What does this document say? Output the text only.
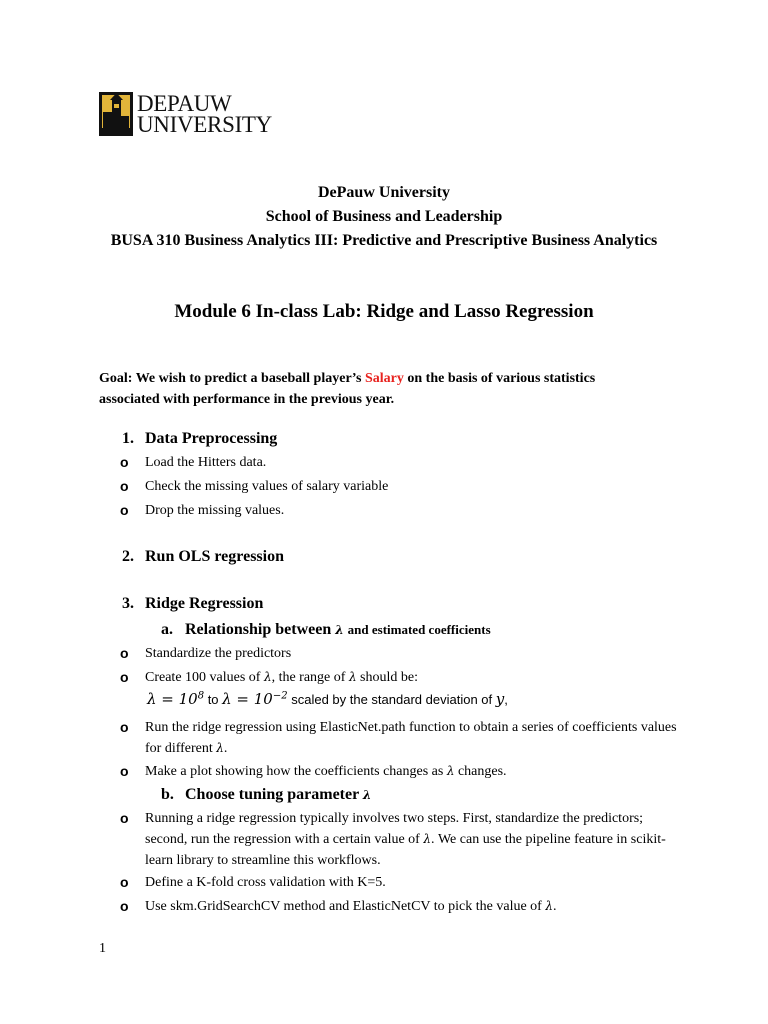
DEPAUW
UNIVERSITY
DePauw University
School of Business and Leadership
BUSA 310 Business Analytics III: Predictive and Prescriptive Business Analytics
Module 6 In-class Lab: Ridge and Lasso Regression
Goal: We wish to predict a baseball player’s Salary on the basis of various statistics associated with performance in the previous year.
1. Data Preprocessing
o Load the Hitters data.
o Check the missing values of salary variable
o Drop the missing values.
2. Run OLS regression
3. Ridge Regression
a. Relationship between λ and estimated coefficients
o Standardize the predictors
o Create 100 values of λ, the range of λ should be:
$\lambda = 10^8$ to $\lambda = 10^{-2}$ scaled by the standard deviation of y,
o Run the ridge regression using ElasticNet.path function to obtain a series of coefficients values for different λ.
o Make a plot showing how the coefficients changes as λ changes.
b. Choose tuning parameter λ
o Running a ridge regression typically involves two steps. First, standardize the predictors; second, run the regression with a certain value of λ. We can use the pipeline feature in scikit-learn library to streamline this workflows.
o Define a K-fold cross validation with K=5.
o Use skm.GridSearchCV method and ElasticNetCV to pick the value of λ.
1
